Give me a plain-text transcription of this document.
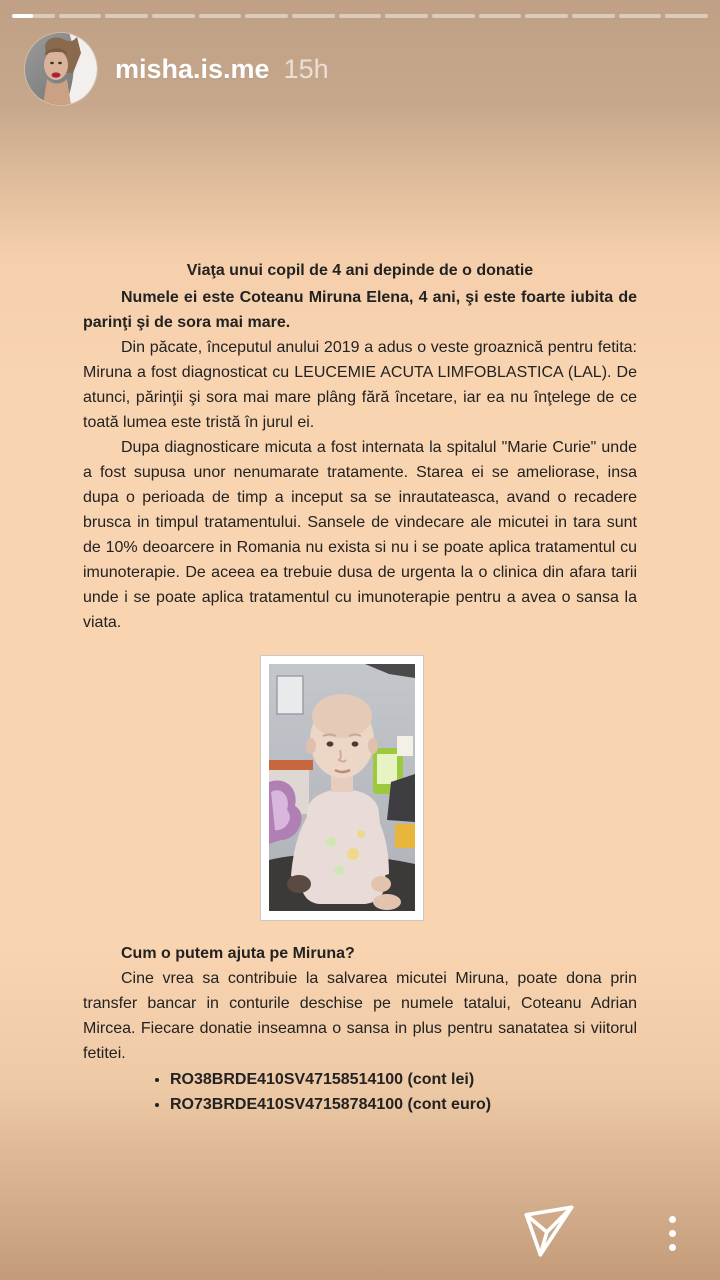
misha.is.me 15h

Viaţa unui copil de 4 ani depinde de o donatie

Numele ei este Coteanu Miruna Elena, 4 ani, şi este foarte iubita de parinţi şi de sora mai mare.

Din păcate, începutul anului 2019 a adus o veste groaznică pentru fetita: Miruna a fost diagnosticat cu LEUCEMIE ACUTA LIMFOBLASTICA (LAL). De atunci, părinţii şi sora mai mare plâng fără încetare, iar ea nu înţelege de ce toată lumea este tristă în jurul ei.

Dupa diagnosticare micuta a fost internata la spitalul "Marie Curie" unde a fost supusa unor nenumarate tratamente. Starea ei se ameliorase, insa dupa o perioada de timp a inceput sa se inrautateasca, avand o recadere brusca in timpul tratamentului. Sansele de vindecare ale micutei in tara sunt de 10% deoarcere in Romania nu exista si nu i se poate aplica tratamentul cu imunoterapie. De aceea ea trebuie dusa de urgenta la o clinica din afara tarii unde i se poate aplica tratamentul cu imunoterapie pentru a avea o sansa la viata.

Cum o putem ajuta pe Miruna?

Cine vrea sa contribuie la salvarea micutei Miruna, poate dona prin transfer bancar in conturile deschise pe numele tatalui, Coteanu Adrian Mircea. Fiecare donatie inseamna o sansa in plus pentru sanatatea si viitorul fetitei.

• RO38BRDE410SV47158514100 (cont lei)
• RO73BRDE410SV47158784100 (cont euro)
